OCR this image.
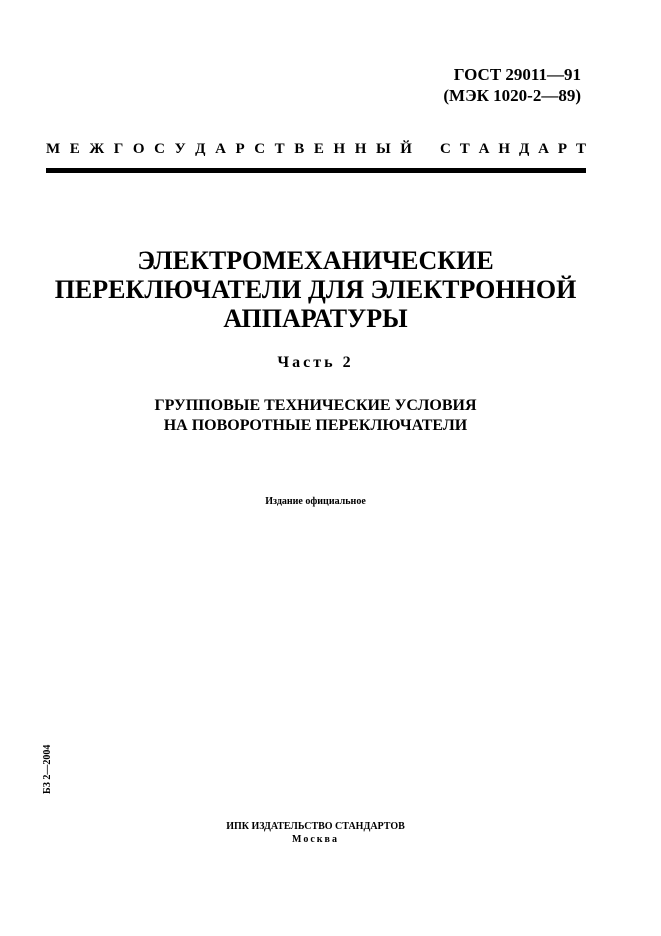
ГОСТ 29011—91
(МЭК 1020-2—89)
М Е Ж Г О С У Д А Р С Т В Е Н Н Ы Й С Т А Н Д А Р Т
ЭЛЕКТРОМЕХАНИЧЕСКИЕ
ПЕРЕКЛЮЧАТЕЛИ ДЛЯ ЭЛЕКТРОННОЙ
АППАРАТУРЫ
Часть 2
ГРУППОВЫЕ ТЕХНИЧЕСКИЕ УСЛОВИЯ
НА ПОВОРОТНЫЕ ПЕРЕКЛЮЧАТЕЛИ
Издание официальное
БЗ 2—2004
ИПК ИЗДАТЕЛЬСТВО СТАНДАРТОВ
Москва
